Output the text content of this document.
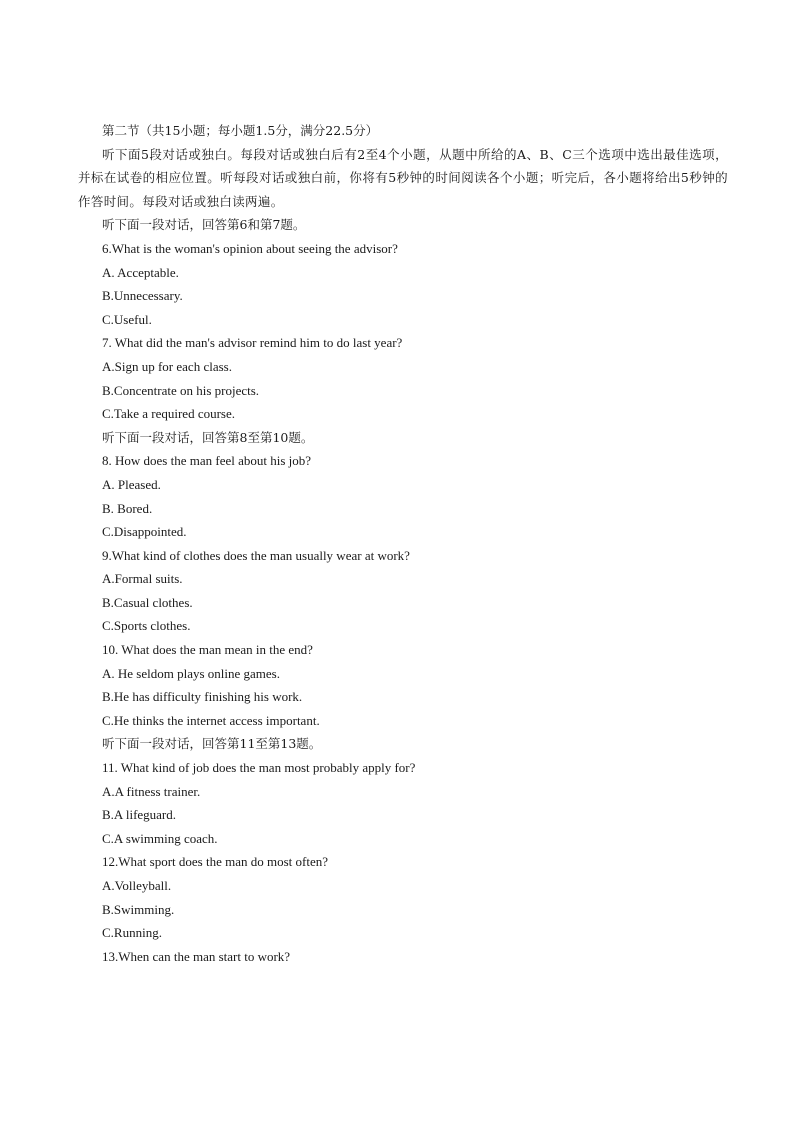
第二节（共15小题；每小题1.5分，满分22.5分）
听下面5段对话或独白。每段对话或独白后有2至4个小题，从题中所给的A、B、C三个选项中选出最佳选项，并标在试卷的相应位置。听每段对话或独白前，你将有5秒钟的时间阅读各个小题；听完后，各小题将给出5秒钟的作答时间。每段对话或独白读两遍。
听下面一段对话，回答第6和第7题。
6.What is the woman's opinion about seeing the advisor?
A. Acceptable.
B.Unnecessary.
C.Useful.
7. What did the man's advisor remind him to do last year?
A.Sign up for each class.
B.Concentrate on his projects.
C.Take a required course.
听下面一段对话，回答第8至第10题。
8. How does the man feel about his job?
A. Pleased.
B. Bored.
C.Disappointed.
9.What kind of clothes does the man usually wear at work?
A.Formal suits.
B.Casual clothes.
C.Sports clothes.
10. What does the man mean in the end?
A. He seldom plays online games.
B.He has difficulty finishing his work.
C.He thinks the internet access important.
听下面一段对话，回答第11至第13题。
11. What kind of job does the man most probably apply for?
A.A fitness trainer.
B.A lifeguard.
C.A swimming coach.
12.What sport does the man do most often?
A.Volleyball.
B.Swimming.
C.Running.
13.When can the man start to work?
